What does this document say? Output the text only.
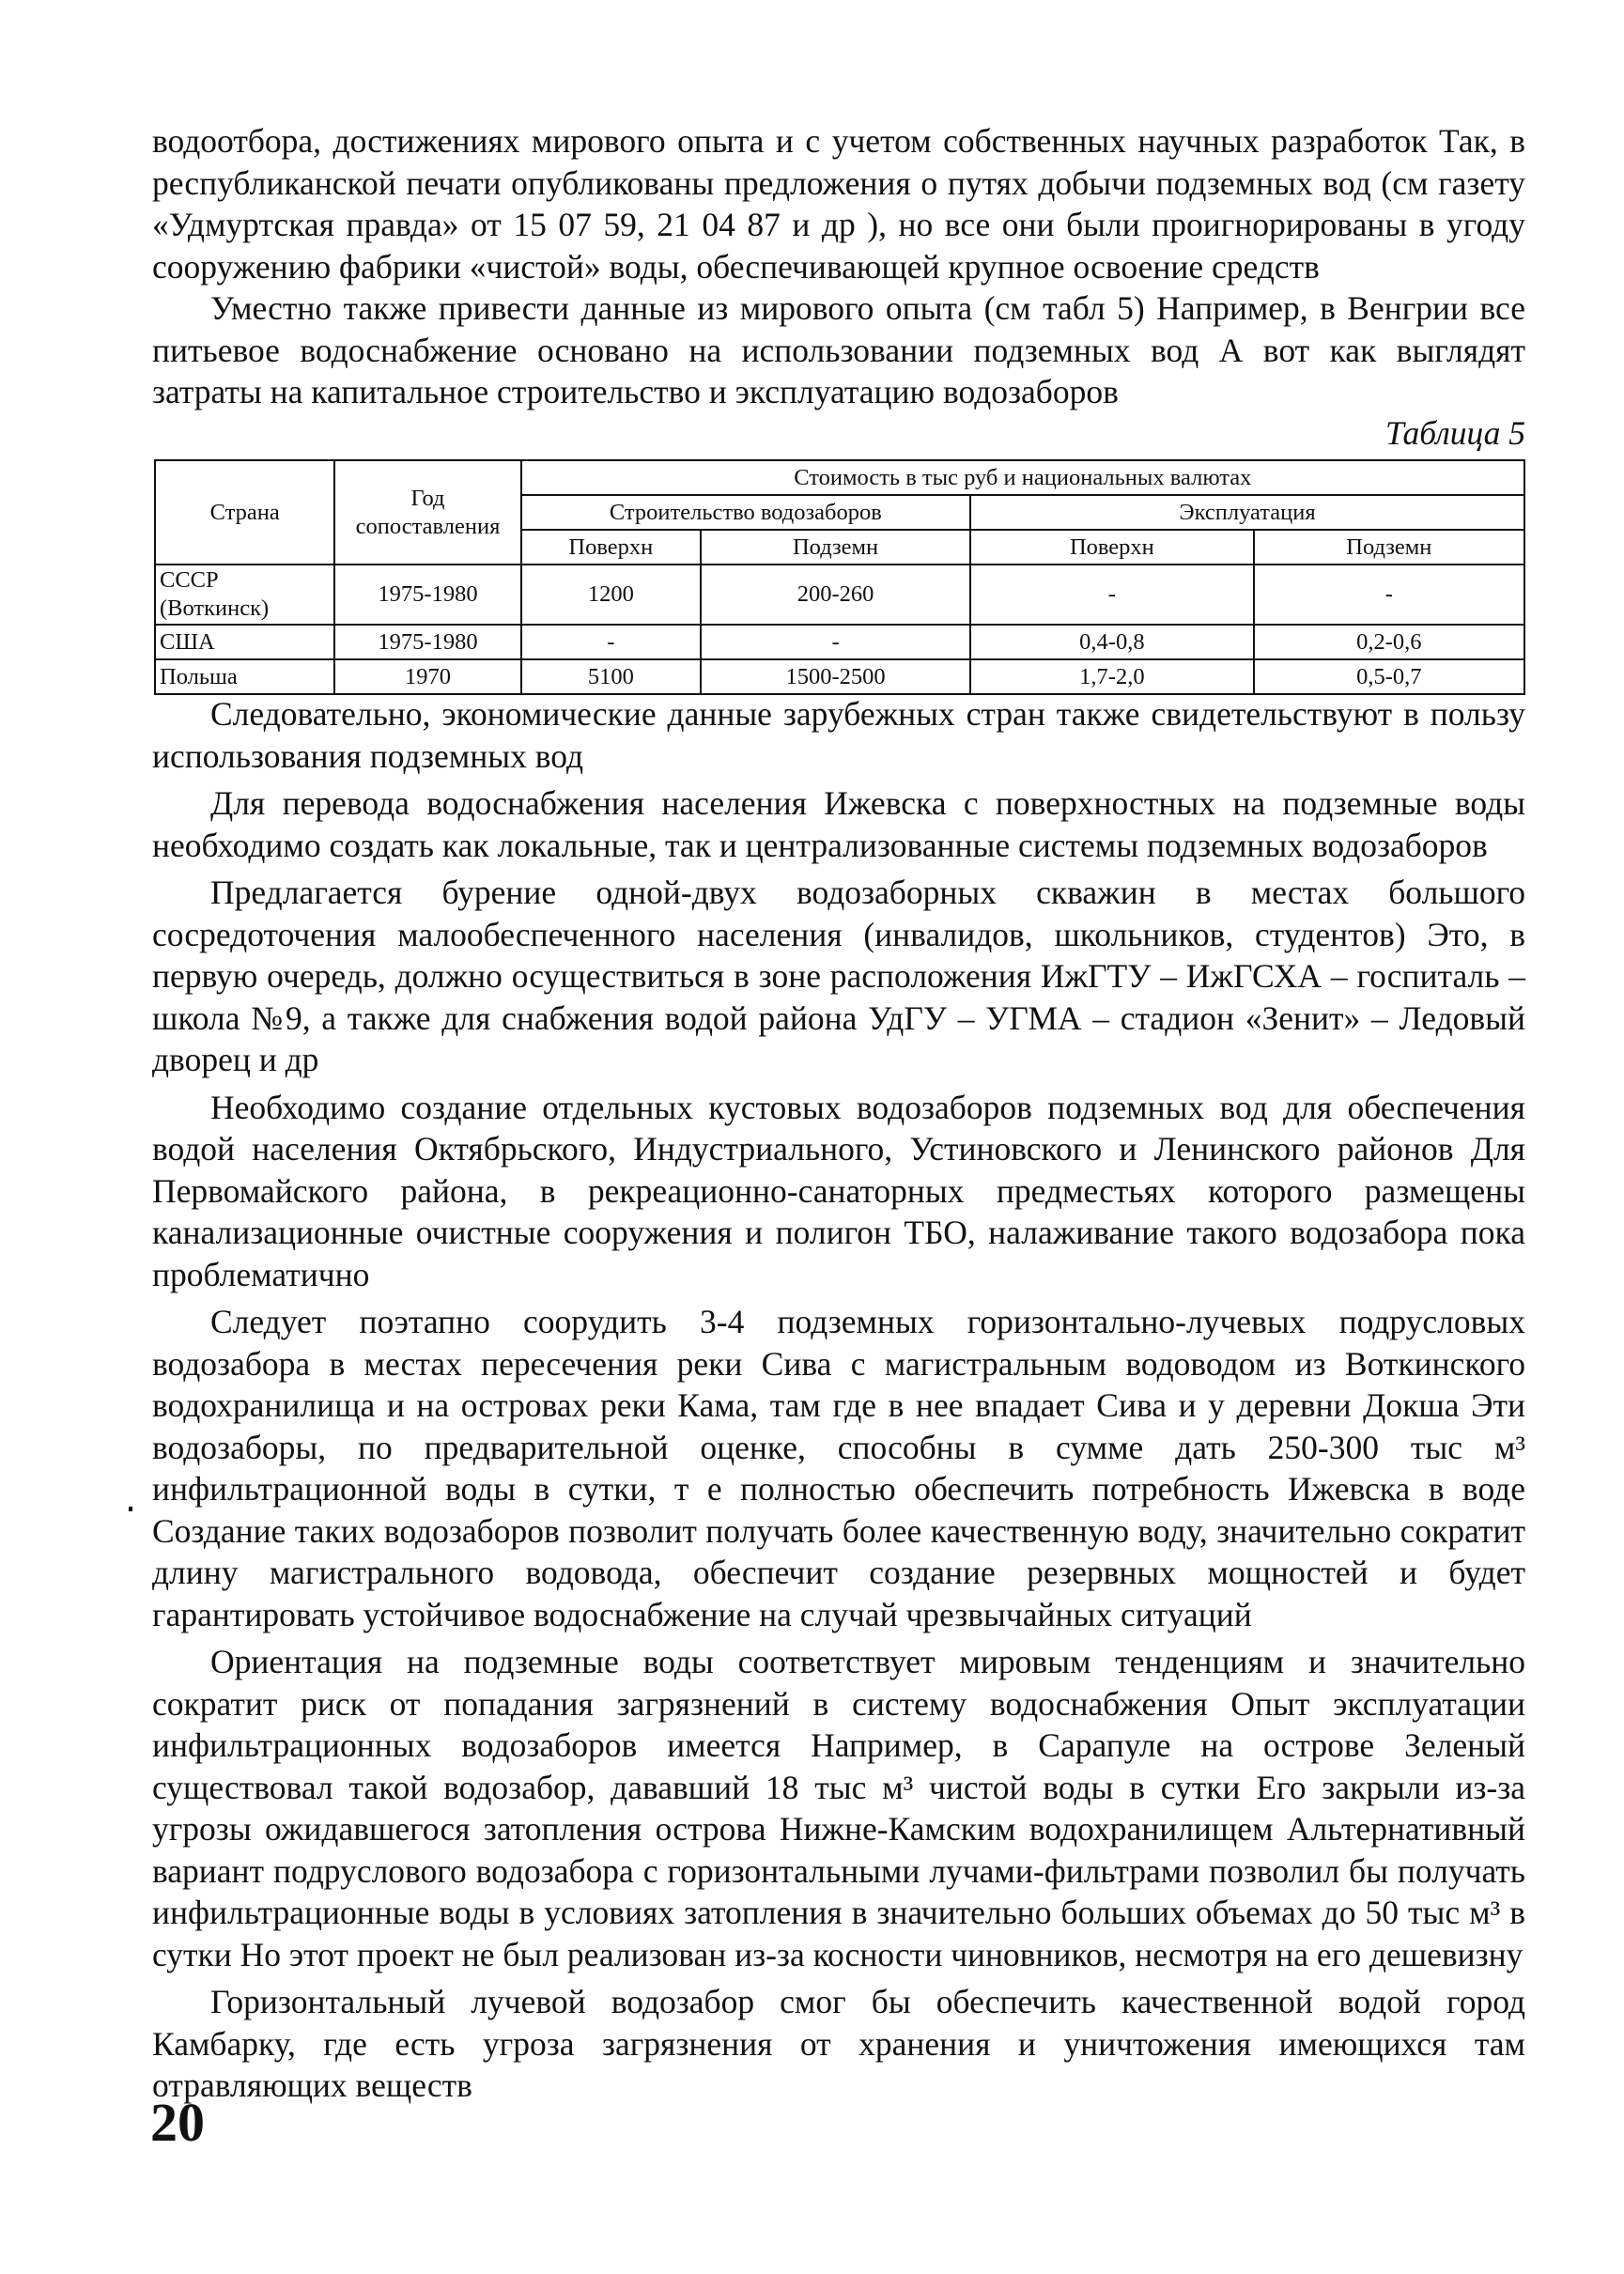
водоотбора, достижениях мирового опыта и с учетом собственных научных разработок Так, в республиканской печати опубликованы предложения о путях добычи подземных вод (см газету «Удмуртская правда» от 15 07 59, 21 04 87 и др ), но все они были проигнорированы в угоду сооружению фабрики «чистой» воды, обеспечивающей крупное освоение средств

Уместно также привести данные из мирового опыта (см табл 5) Например, в Венгрии все питьевое водоснабжение основано на использовании подземных вод А вот как выглядят затраты на капитальное строительство и эксплуатацию водозаборов

Таблица 5
Страна	Год сопоставления	Стоимость в тыс руб и национальных валютах			
		Строительство водозаборов		Эксплуатация	
		Поверхн	Подземн	Поверхн	Подземн
СССР (Воткинск)	1975-1980	1200	200-260	-	-
США	1975-1980	-	-	0,4-0,8	0,2-0,6
Польша	1970	5100	1500-2500	1,7-2,0	0,5-0,7

Следовательно, экономические данные зарубежных стран также свидетельствуют в пользу использования подземных вод

Для перевода водоснабжения населения Ижевска с поверхностных на подземные воды необходимо создать как локальные, так и централизованные системы подземных водозаборов

Предлагается бурение одной-двух водозаборных скважин в местах большого сосредоточения малообеспеченного населения (инвалидов, школьников, студентов) Это, в первую очередь, должно осуществиться в зоне расположения ИжГТУ – ИжГСХА – госпиталь – школа №9, а также для снабжения водой района УдГУ – УГМА – стадион «Зенит» – Ледовый дворец и др

Необходимо создание отдельных кустовых водозаборов подземных вод для обеспечения водой населения Октябрьского, Индустриального, Устиновского и Ленинского районов Для Первомайского района, в рекреационно-санаторных предместьях которого размещены канализационные очистные сооружения и полигон ТБО, налаживание такого водозабора пока проблематично

Следует поэтапно соорудить 3-4 подземных горизонтально-лучевых подрусловых водозабора в местах пересечения реки Сива с магистральным водоводом из Воткинского водохранилища и на островах реки Кама, там где в нее впадает Сива и у деревни Докша Эти водозаборы, по предварительной оценке, способны в сумме дать 250-300 тыс м³ инфильтрационной воды в сутки, т е полностью обеспечить потребность Ижевска в воде Создание таких водозаборов позволит получать более качественную воду, значительно сократит длину магистрального водовода, обеспечит создание резервных мощностей и будет гарантировать устойчивое водоснабжение на случай чрезвычайных ситуаций

Ориентация на подземные воды соответствует мировым тенденциям и значительно сократит риск от попадания загрязнений в систему водоснабжения Опыт эксплуатации инфильтрационных водозаборов имеется Например, в Сарапуле на острове Зеленый существовал такой водозабор, дававший 18 тыс м³ чистой воды в сутки Его закрыли из-за угрозы ожидавшегося затопления острова Нижне-Камским водохранилищем Альтернативный вариант подруслового водозабора с горизонтальными лучами-фильтрами позволил бы получать инфильтрационные воды в условиях затопления в значительно больших объемах до 50 тыс м³ в сутки Но этот проект не был реализован из-за косности чиновников, несмотря на его дешевизну

Горизонтальный лучевой водозабор смог бы обеспечить качественной водой город Камбарку, где есть угроза загрязнения от хранения и уничтожения имеющихся там отравляющих веществ

20
